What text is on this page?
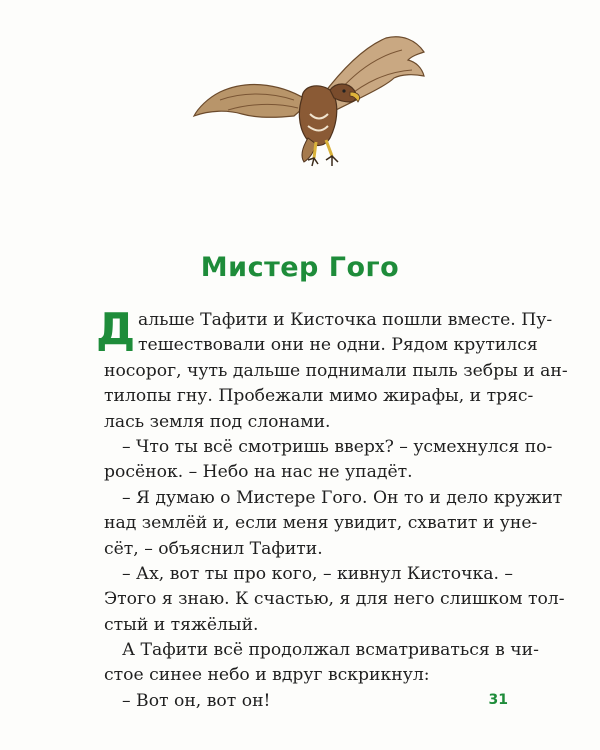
Мистер Гого
Д альше Тафити и Кисточка пошли вместе. Пу-
тешествовали они не одни. Рядом крутился
носорог, чуть дальше поднимали пыль зебры и ан-
тилопы гну. Пробежали мимо жирафы, и тряс-
лась земля под слонами.
– Что ты всё смотришь вверх? – усмехнулся по-
росёнок. – Небо на нас не упадёт.
– Я думаю о Мистере Гого. Он то и дело кружит
над землёй и, если меня увидит, схватит и уне-
сёт, – объяснил Тафити.
– Ах, вот ты про кого, – кивнул Кисточка. –
Этого я знаю. К счастью, я для него слишком тол-
стый и тяжёлый.
А Тафити всё продолжал всматриваться в чи-
стое синее небо и вдруг вскрикнул:
– Вот он, вот он!	31
